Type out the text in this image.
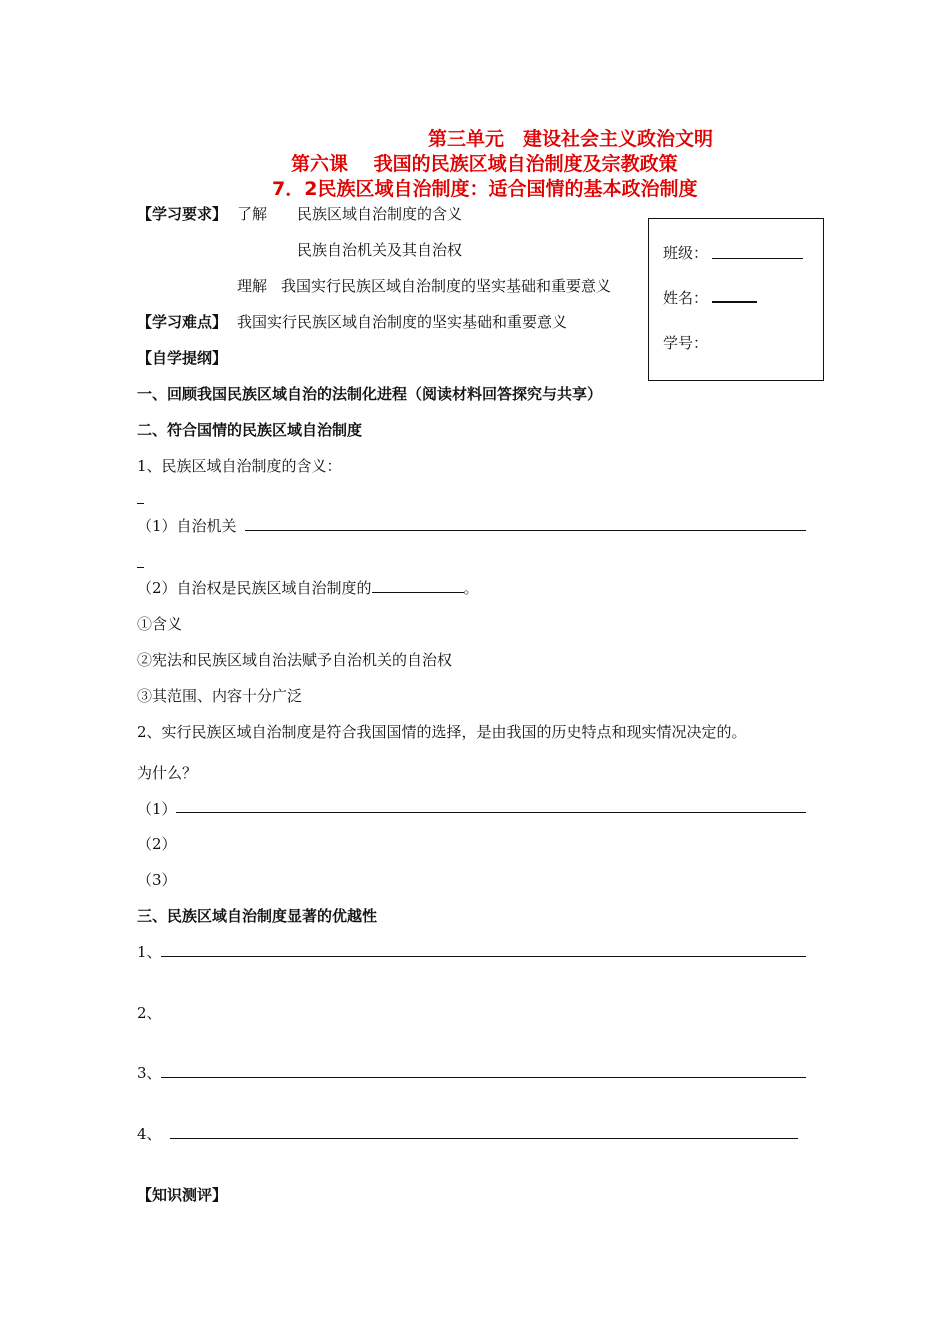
第三单元　建设社会主义政治文明
第六课　 我国的民族区域自治制度及宗教政策
7．2民族区域自治制度：适合国情的基本政治制度
班级：
姓名：
学号：
【学习要求】 了解 民族区域自治制度的含义
民族自治机关及其自治权
理解 我国实行民族区域自治制度的坚实基础和重要意义
【学习难点】 我国实行民族区域自治制度的坚实基础和重要意义
【自学提纲】
一、回顾我国民族区域自治的法制化进程（阅读材料回答探究与共享）
二、符合国情的民族区域自治制度
1、民族区域自治制度的含义：
（1）自治机关
（2）自治权是民族区域自治制度的	。
①含义
②宪法和民族区域自治法赋予自治机关的自治权
③其范围、内容十分广泛
2、实行民族区域自治制度是符合我国国情的选择，是由我国的历史特点和现实情况决定的。
为什么？
（1）
（2）
（3）
三、民族区域自治制度显著的优越性
1、
2、
3、
4、
【知识测评】
